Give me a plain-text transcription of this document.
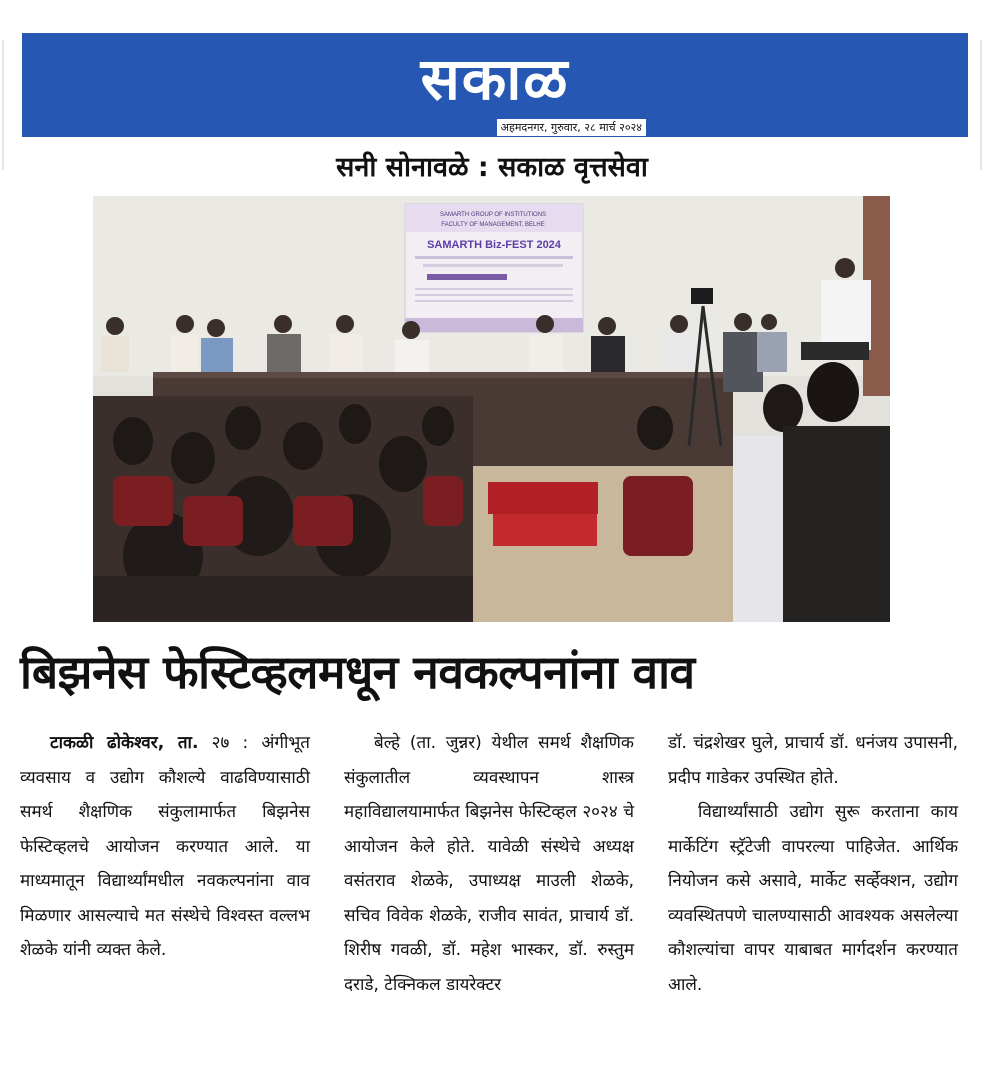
सकाळ
अहमदनगर, गुरुवार, २८ मार्च २०२४
सनी सोनावळे : सकाळ वृत्तसेवा
SAMARTH GROUP OF INSTITUTIONS
FACULTY OF MANAGEMENT, BELHE
SAMARTH Biz-FEST 2024
बिझनेस फेस्टिव्हलमधून नवकल्पनांना वाव

टाकळी ढोकेश्वर, ता. २७ : अंगीभूत व्यवसाय व उद्योग कौशल्ये वाढविण्यासाठी समर्थ शैक्षणिक संकुलामार्फत बिझनेस फेस्टिव्हलचे आयोजन करण्यात आले. या माध्यमातून विद्यार्थ्यांमधील नवकल्पनांना वाव मिळणार आसल्याचे मत संस्थेचे विश्वस्त वल्लभ शेळके यांनी व्यक्त केले.

बेल्हे (ता. जुन्नर) येथील समर्थ शैक्षणिक संकुलातील व्यवस्थापन शास्त्र महाविद्यालयामार्फत बिझनेस फेस्टिव्हल २०२४ चे आयोजन केले होते. यावेळी संस्थेचे अध्यक्ष वसंतराव शेळके, उपाध्यक्ष माउली शेळके, सचिव विवेक शेळके, राजीव सावंत, प्राचार्य डॉ. शिरीष गवळी, डॉ. महेश भास्कर, डॉ. रुस्तुम दराडे, टेक्निकल डायरेक्टर

डॉ. चंद्रशेखर घुले, प्राचार्य डॉ. धनंजय उपासनी, प्रदीप गाडेकर उपस्थित होते.

विद्यार्थ्यांसाठी उद्योग सुरू करताना काय मार्केटिंग स्ट्रॅटेजी वापरल्या पाहिजेत. आर्थिक नियोजन कसे असावे, मार्केट सर्व्हेक्शन, उद्योग व्यवस्थितपणे चालण्यासाठी आवश्यक असलेल्या कौशल्यांचा वापर याबाबत मार्गदर्शन करण्यात आले.
